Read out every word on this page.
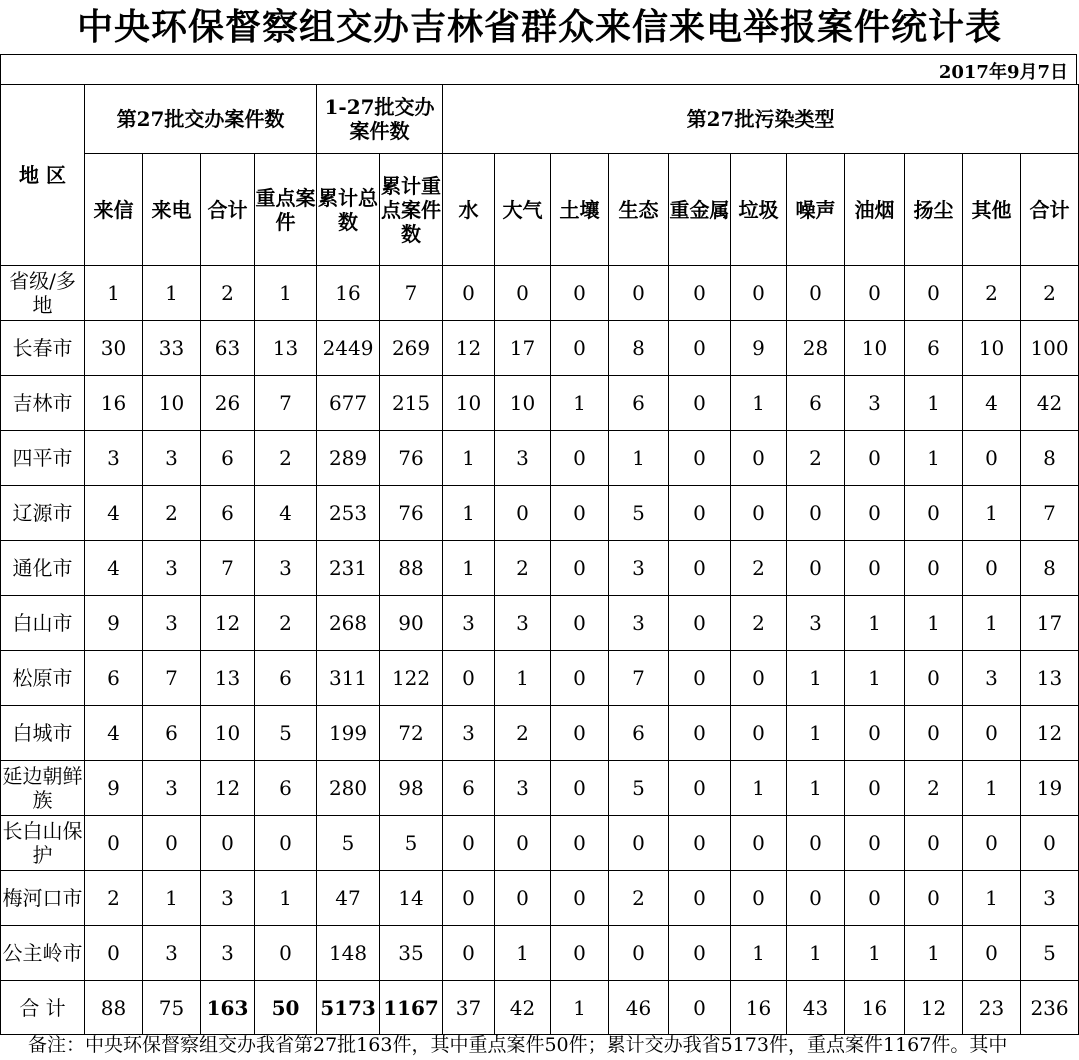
中央环保督察组交办吉林省群众来信来电举报案件统计表
2017年9月7日
地 区	第27批交办案件数				1-27批交办案件数		第27批污染类型										
	来信	来电	合计	重点案件	累计总数	累计重点案件数	水	大气	土壤	生态	重金属	垃圾	噪声	油烟	扬尘	其他	合计
省级/多地	1	1	2	1	16	7	0	0	0	0	0	0	0	0	0	2	2
长春市	30	33	63	13	2449	269	12	17	0	8	0	9	28	10	6	10	100
吉林市	16	10	26	7	677	215	10	10	1	6	0	1	6	3	1	4	42
四平市	3	3	6	2	289	76	1	3	0	1	0	0	2	0	1	0	8
辽源市	4	2	6	4	253	76	1	0	0	5	0	0	0	0	0	1	7
通化市	4	3	7	3	231	88	1	2	0	3	0	2	0	0	0	0	8
白山市	9	3	12	2	268	90	3	3	0	3	0	2	3	1	1	1	17
松原市	6	7	13	6	311	122	0	1	0	7	0	0	1	1	0	3	13
白城市	4	6	10	5	199	72	3	2	0	6	0	0	1	0	0	0	12
延边朝鲜族	9	3	12	6	280	98	6	3	0	5	0	1	1	0	2	1	19
长白山保护	0	0	0	0	5	5	0	0	0	0	0	0	0	0	0	0	0
梅河口市	2	1	3	1	47	14	0	0	0	2	0	0	0	0	0	1	3
公主岭市	0	3	3	0	148	35	0	1	0	0	0	1	1	1	1	0	5
合 计	88	75	163	50	5173	1167	37	42	1	46	0	16	43	16	12	23	236
备注：中央环保督察组交办我省第27批163件，其中重点案件50件；累计交办我省5173件，重点案件1167件。其中
